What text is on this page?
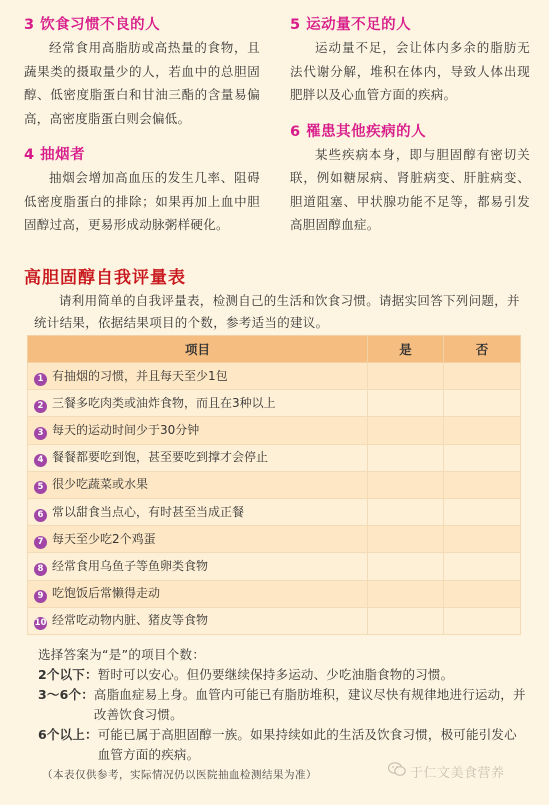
3 饮食习惯不良的人

经常食用高脂肪或高热量的食物，且蔬果类的摄取量少的人，若血中的总胆固醇、低密度脂蛋白和甘油三酯的含量易偏高，高密度脂蛋白则会偏低。

4 抽烟者

抽烟会增加高血压的发生几率、阻碍低密度脂蛋白的排除；如果再加上血中胆固醇过高，更易形成动脉粥样硬化。

5 运动量不足的人

运动量不足，会让体内多余的脂肪无法代谢分解，堆积在体内，导致人体出现肥胖以及心血管方面的疾病。

6 罹患其他疾病的人

某些疾病本身，即与胆固醇有密切关联，例如糖尿病、肾脏病变、肝脏病变、胆道阻塞、甲状腺功能不足等，都易引发高胆固醇血症。

高胆固醇自我评量表

请利用简单的自我评量表，检测自己的生活和饮食习惯。请据实回答下列问题，并统计结果，依据结果项目的个数，参考适当的建议。

项目	是	否
1 有抽烟的习惯，并且每天至少1包		
2 三餐多吃肉类或油炸食物，而且在3种以上		
3 每天的运动时间少于30分钟		
4 餐餐都要吃到饱，甚至要吃到撑才会停止		
5 很少吃蔬菜或水果		
6 常以甜食当点心，有时甚至当成正餐		
7 每天至少吃2个鸡蛋		
8 经常食用乌鱼子等鱼卵类食物		
9 吃饱饭后常懒得走动		
10 经常吃动物内脏、猪皮等食物		
选择答案为“是”的项目个数：
2个以下： 暂时可以安心。但仍要继续保持多运动、少吃油脂食物的习惯。
3～6个： 高脂血症易上身。血管内可能已有脂肪堆积，建议尽快有规律地进行运动，并改善饮食习惯。
6个以上： 可能已属于高胆固醇一族。如果持续如此的生活及饮食习惯，极可能引发心血管方面的疾病。
（本表仅供参考，实际情况仍以医院抽血检测结果为准）	于仁文美食营养
